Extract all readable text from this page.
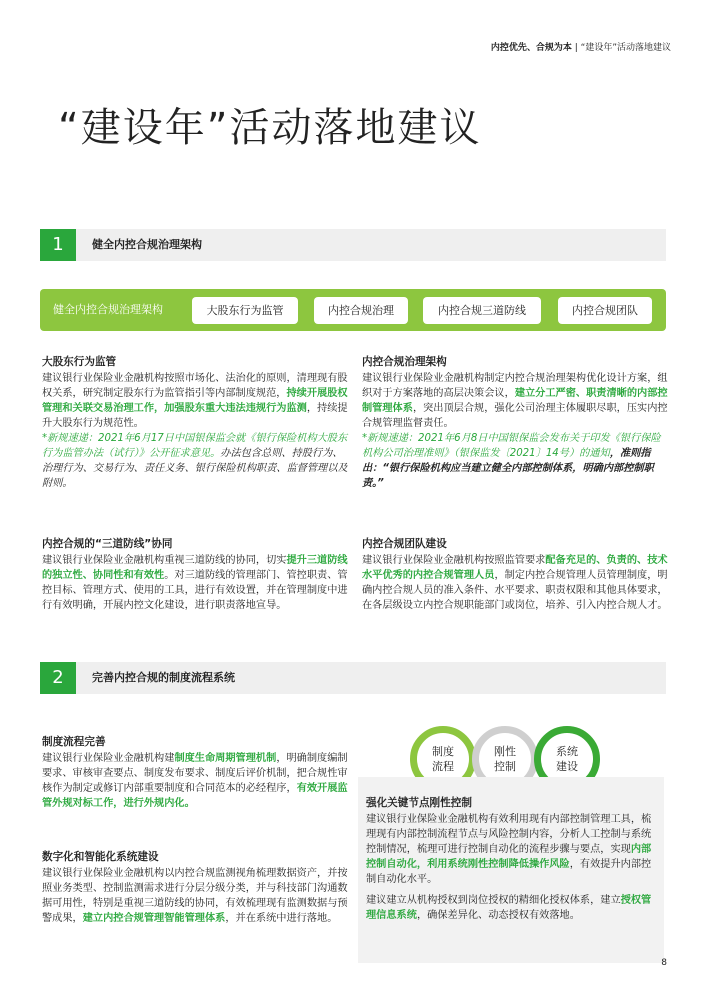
内控优先、合规为本 | “建设年”活动落地建议
“建设年”活动落地建议
1	健全内控合规治理架构
健全内控合规治理架构	大股东行为监管	内控合规治理	内控合规三道防线	内控合规团队
大股东行为监管
建议银行业保险业金融机构按照市场化、法治化的原则，清理现有股权关系，研究制定股东行为监管指引等内部制度规范，持续开展股权管理和关联交易治理工作，加强股东重大违法违规行为监测，持续提升大股东行为规范性。
*新规速递：2021年6月17日中国银保监会就《银行保险机构大股东行为监管办法（试行）》公开征求意见。办法包含总则、持股行为、治理行为、交易行为、责任义务、银行保险机构职责、监督管理以及附则。
内控合规治理架构
建议银行业保险业金融机构制定内控合规治理架构优化设计方案，组织对于方案落地的高层决策会议，建立分工严密、职责清晰的内部控制管理体系，突出顶层合规，强化公司治理主体履职尽职，压实内控合规管理监督责任。
*新规速递：2021年6月8日中国银保监会发布关于印发《银行保险机构公司治理准则》（银保监发〔2021〕14号）的通知，准则指出：“银行保险机构应当建立健全内部控制体系，明确内部控制职责。”
内控合规的“三道防线”协同
建议银行业保险业金融机构重视三道防线的协同，切实提升三道防线的独立性、协同性和有效性。对三道防线的管理部门、管控职责、管控目标、管理方式、使用的工具，进行有效设置，并在管理制度中进行有效明确，开展内控文化建设，进行职责落地宣导。
内控合规团队建设
建议银行业保险业金融机构按照监管要求配备充足的、负责的、技术水平优秀的内控合规管理人员，制定内控合规管理人员管理制度，明确内控合规人员的准入条件、水平要求、职责权限和其他具体要求，在各层级设立内控合规职能部门或岗位，培养、引入内控合规人才。
2	完善内控合规的制度流程系统
制度流程完善
建议银行业保险业金融机构建制度生命周期管理机制，明确制度编制要求、审核审查要点、制度发布要求、制度后评价机制，把合规性审核作为制定或修订内部重要制度和合同范本的必经程序，有效开展监管外规对标工作，进行外规内化。
数字化和智能化系统建设
建议银行业保险业金融机构以内控合规监测视角梳理数据资产，并按照业务类型、控制监测需求进行分层分级分类，并与科技部门沟通数据可用性，特别是重视三道防线的协同，有效梳理现有监测数据与预警成果，建立内控合规管理智能管理体系，并在系统中进行落地。
制度
流程
刚性
控制
系统
建设
强化关键节点刚性控制
建议银行业保险业金融机构有效利用现有内部控制管理工具，梳理现有内部控制流程节点与风险控制内容，分析人工控制与系统控制情况，梳理可进行控制自动化的流程步骤与要点，实现内部控制自动化，利用系统刚性控制降低操作风险，有效提升内部控制自动化水平。
建议建立从机构授权到岗位授权的精细化授权体系，建立授权管理信息系统，确保差异化、动态授权有效落地。
8
